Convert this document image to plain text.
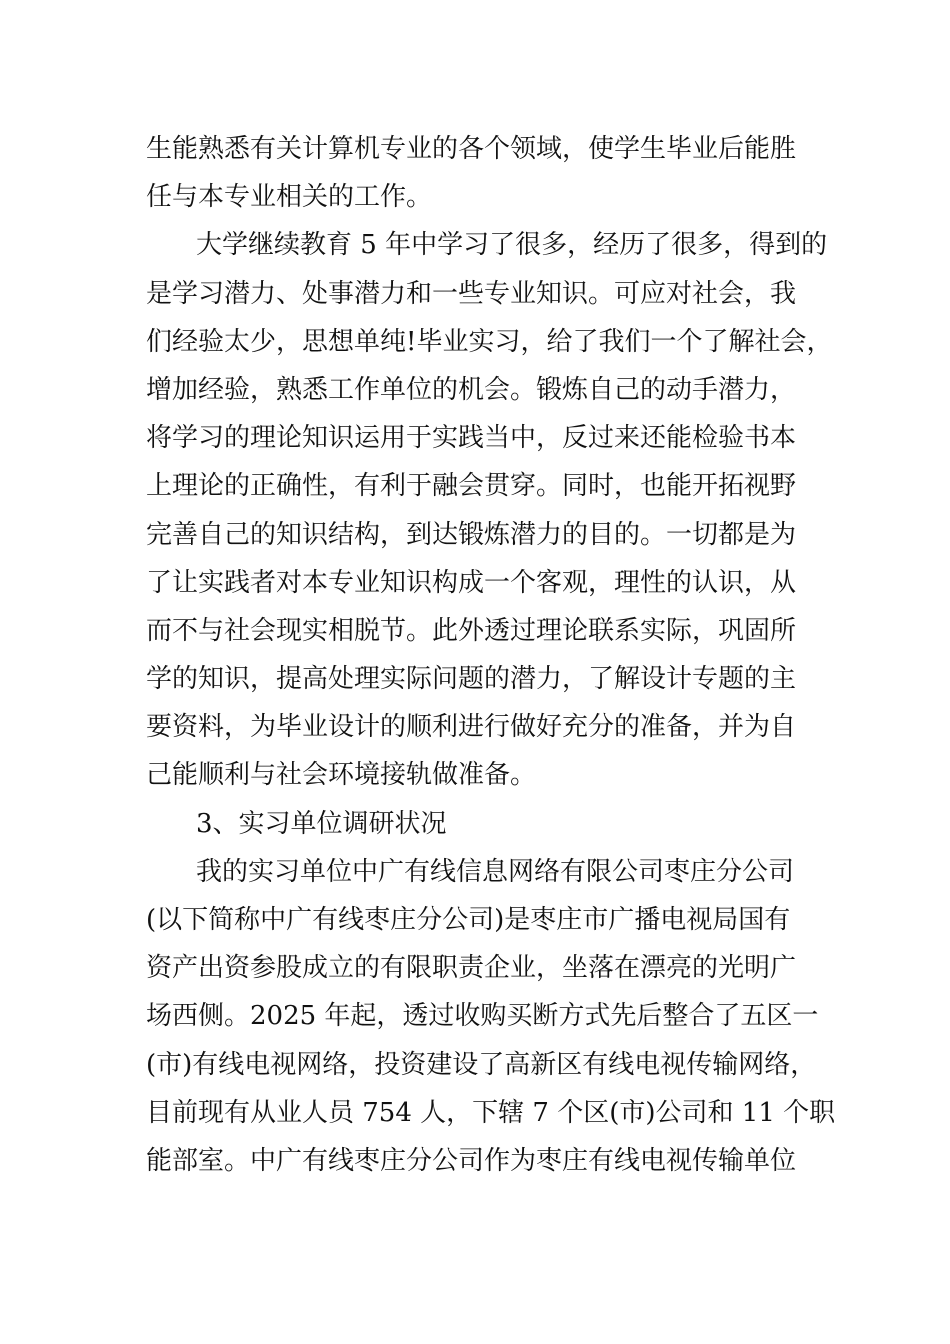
生能熟悉有关计算机专业的各个领域，使学生毕业后能胜
任与本专业相关的工作。
大学继续教育 5 年中学习了很多，经历了很多，得到的
是学习潜力、处事潜力和一些专业知识。可应对社会，我
们经验太少，思想单纯!毕业实习，给了我们一个了解社会，
增加经验，熟悉工作单位的机会。锻炼自己的动手潜力，
将学习的理论知识运用于实践当中，反过来还能检验书本
上理论的正确性，有利于融会贯穿。同时，也能开拓视野
完善自己的知识结构，到达锻炼潜力的目的。一切都是为
了让实践者对本专业知识构成一个客观，理性的认识，从
而不与社会现实相脱节。此外透过理论联系实际，巩固所
学的知识，提高处理实际问题的潜力，了解设计专题的主
要资料，为毕业设计的顺利进行做好充分的准备，并为自
己能顺利与社会环境接轨做准备。
3、实习单位调研状况
我的实习单位中广有线信息网络有限公司枣庄分公司
(以下简称中广有线枣庄分公司)是枣庄市广播电视局国有
资产出资参股成立的有限职责企业，坐落在漂亮的光明广
场西侧。2025 年起，透过收购买断方式先后整合了五区一
(市)有线电视网络，投资建设了高新区有线电视传输网络，
目前现有从业人员 754 人，下辖 7 个区(市)公司和 11 个职
能部室。中广有线枣庄分公司作为枣庄有线电视传输单位
